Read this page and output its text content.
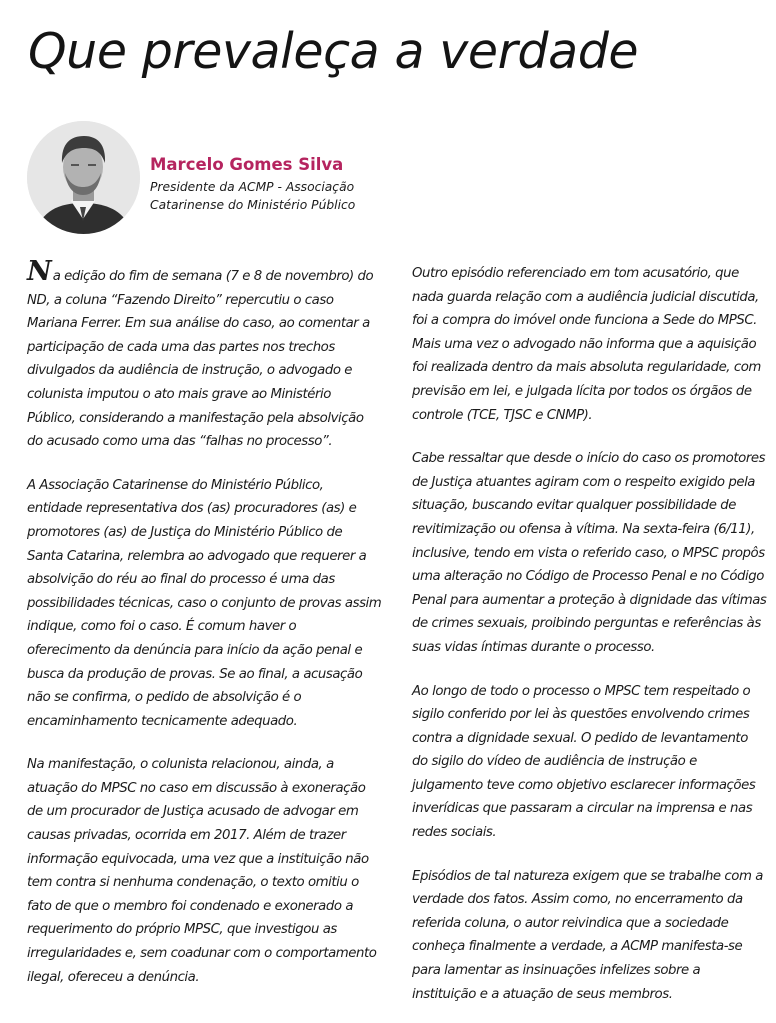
Que prevaleça a verdade

Marcelo Gomes Silva

Presidente da ACMP - Associação
Catarinense do Ministério Público

Na edição do fim de semana (7 e 8 de novembro) do ND, a coluna “Fazendo Direito” repercutiu o caso Mariana Ferrer. Em sua análise do caso, ao comentar a participação de cada uma das partes nos trechos divulgados da audiência de instrução, o advogado e colunista imputou o ato mais grave ao Ministério Público, considerando a manifestação pela absolvição do acusado como uma das “falhas no processo”.

A Associação Catarinense do Ministério Público, entidade representativa dos (as) procuradores (as) e promotores (as) de Justiça do Ministério Público de Santa Catarina, relembra ao advogado que requerer a absolvição do réu ao final do processo é uma das possibilidades técnicas, caso o conjunto de provas assim indique, como foi o caso. É comum haver o oferecimento da denúncia para início da ação penal e busca da produção de provas. Se ao final, a acusação não se confirma, o pedido de absolvição é o encaminhamento tecnicamente adequado.

Na manifestação, o colunista relacionou, ainda, a atuação do MPSC no caso em discussão à exoneração de um procurador de Justiça acusado de advogar em causas privadas, ocorrida em 2017. Além de trazer informação equivocada, uma vez que a instituição não tem contra si nenhuma condenação, o texto omitiu o fato de que o membro foi condenado e exonerado a requerimento do próprio MPSC, que investigou as irregularidades e, sem coadunar com o comportamento ilegal, ofereceu a denúncia.

Outro episódio referenciado em tom acusatório, que nada guarda relação com a audiência judicial discutida, foi a compra do imóvel onde funciona a Sede do MPSC. Mais uma vez o advogado não informa que a aquisição foi realizada dentro da mais absoluta regularidade, com previsão em lei, e julgada lícita por todos os órgãos de controle (TCE, TJSC e CNMP).

Cabe ressaltar que desde o início do caso os promotores de Justiça atuantes agiram com o respeito exigido pela situação, buscando evitar qualquer possibilidade de revitimização ou ofensa à vítima. Na sexta-feira (6/11), inclusive, tendo em vista o referido caso, o MPSC propôs uma alteração no Código de Processo Penal e no Código Penal para aumentar a proteção à dignidade das vítimas de crimes sexuais, proibindo perguntas e referências às suas vidas íntimas durante o processo.

Ao longo de todo o processo o MPSC tem respeitado o sigilo conferido por lei às questões envolvendo crimes contra a dignidade sexual. O pedido de levantamento do sigilo do vídeo de audiência de instrução e julgamento teve como objetivo esclarecer informações inverídicas que passaram a circular na imprensa e nas redes sociais.

Episódios de tal natureza exigem que se trabalhe com a verdade dos fatos. Assim como, no encerramento da referida coluna, o autor reivindica que a sociedade conheça finalmente a verdade, a ACMP manifesta-se para lamentar as insinuações infelizes sobre a instituição e a atuação de seus membros.
